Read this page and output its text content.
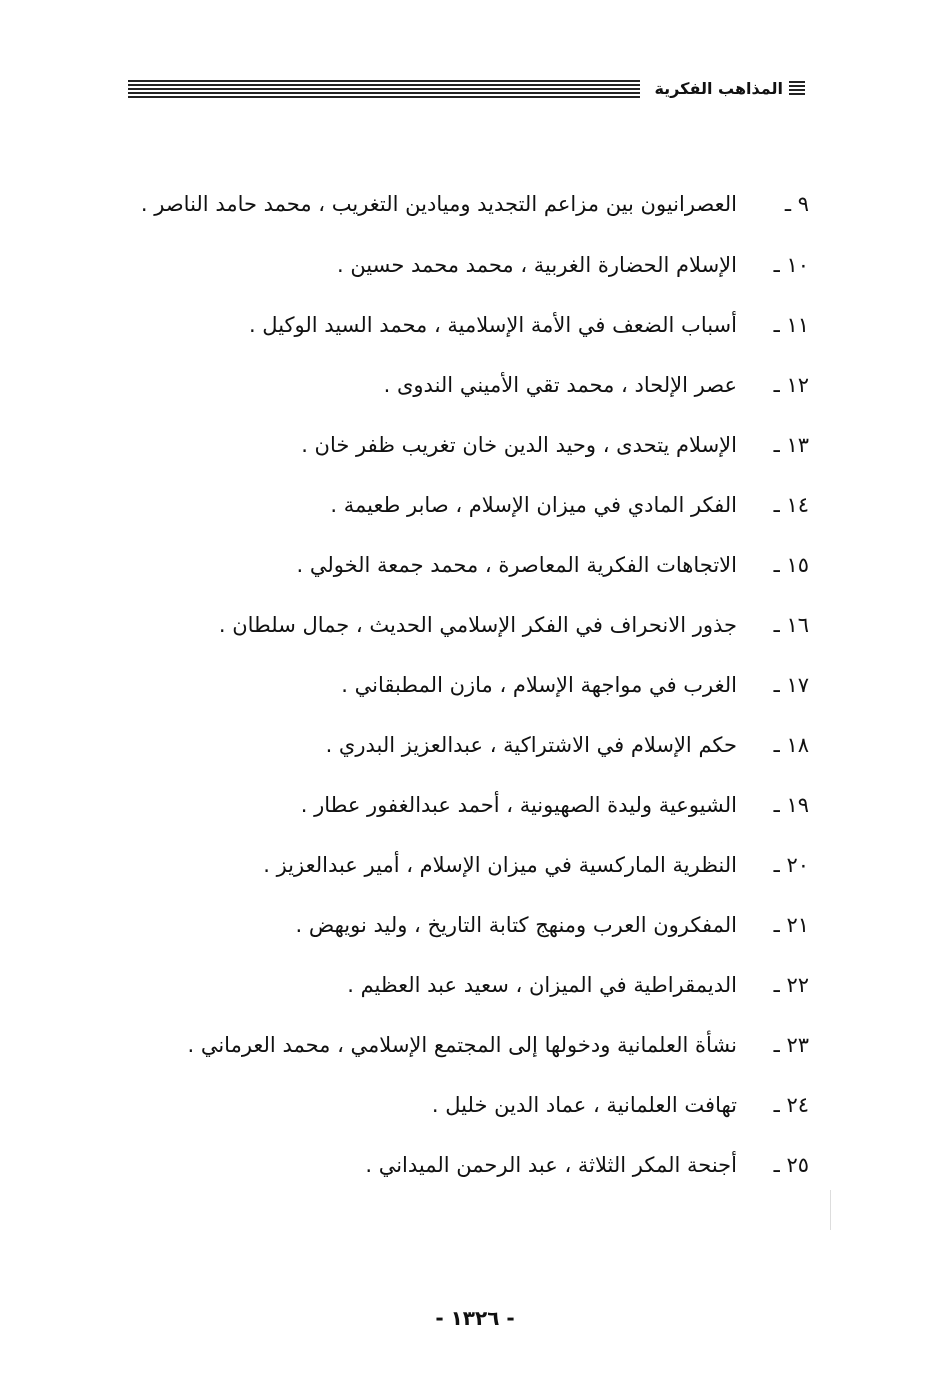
المذاهب الفكرية
٩ ـ
العصرانيون بين مزاعم التجديد وميادين التغريب ، محمد حامد الناصر .
١٠ ـ
الإسلام الحضارة الغربية ، محمد محمد حسين .
١١ ـ
أسباب الضعف في الأمة الإسلامية ، محمد السيد الوكيل .
١٢ ـ
عصر الإلحاد ، محمد تقي الأميني الندوى .
١٣ ـ
الإسلام يتحدى ، وحيد الدين خان تغريب ظفر خان .
١٤ ـ
الفكر المادي في ميزان الإسلام ، صابر طعيمة .
١٥ ـ
الاتجاهات الفكرية المعاصرة ، محمد جمعة الخولي .
١٦ ـ
جذور الانحراف في الفكر الإسلامي الحديث ، جمال سلطان .
١٧ ـ
الغرب في مواجهة الإسلام ، مازن المطبقاني .
١٨ ـ
حكم الإسلام في الاشتراكية ، عبدالعزيز البدري .
١٩ ـ
الشيوعية وليدة الصهيونية ، أحمد عبدالغفور عطار .
٢٠ ـ
النظرية الماركسية في ميزان الإسلام ، أمير عبدالعزيز .
٢١ ـ
المفكرون العرب ومنهج كتابة التاريخ ، وليد نويهض .
٢٢ ـ
الديمقراطية في الميزان ، سعيد عبد العظيم .
٢٣ ـ
نشأة العلمانية ودخولها إلى المجتمع الإسلامي ، محمد العرماني .
٢٤ ـ
تهافت العلمانية ، عماد الدين خليل .
٢٥ ـ
أجنحة المكر الثلاثة ، عبد الرحمن الميداني .
- ١٣٢٦ -
